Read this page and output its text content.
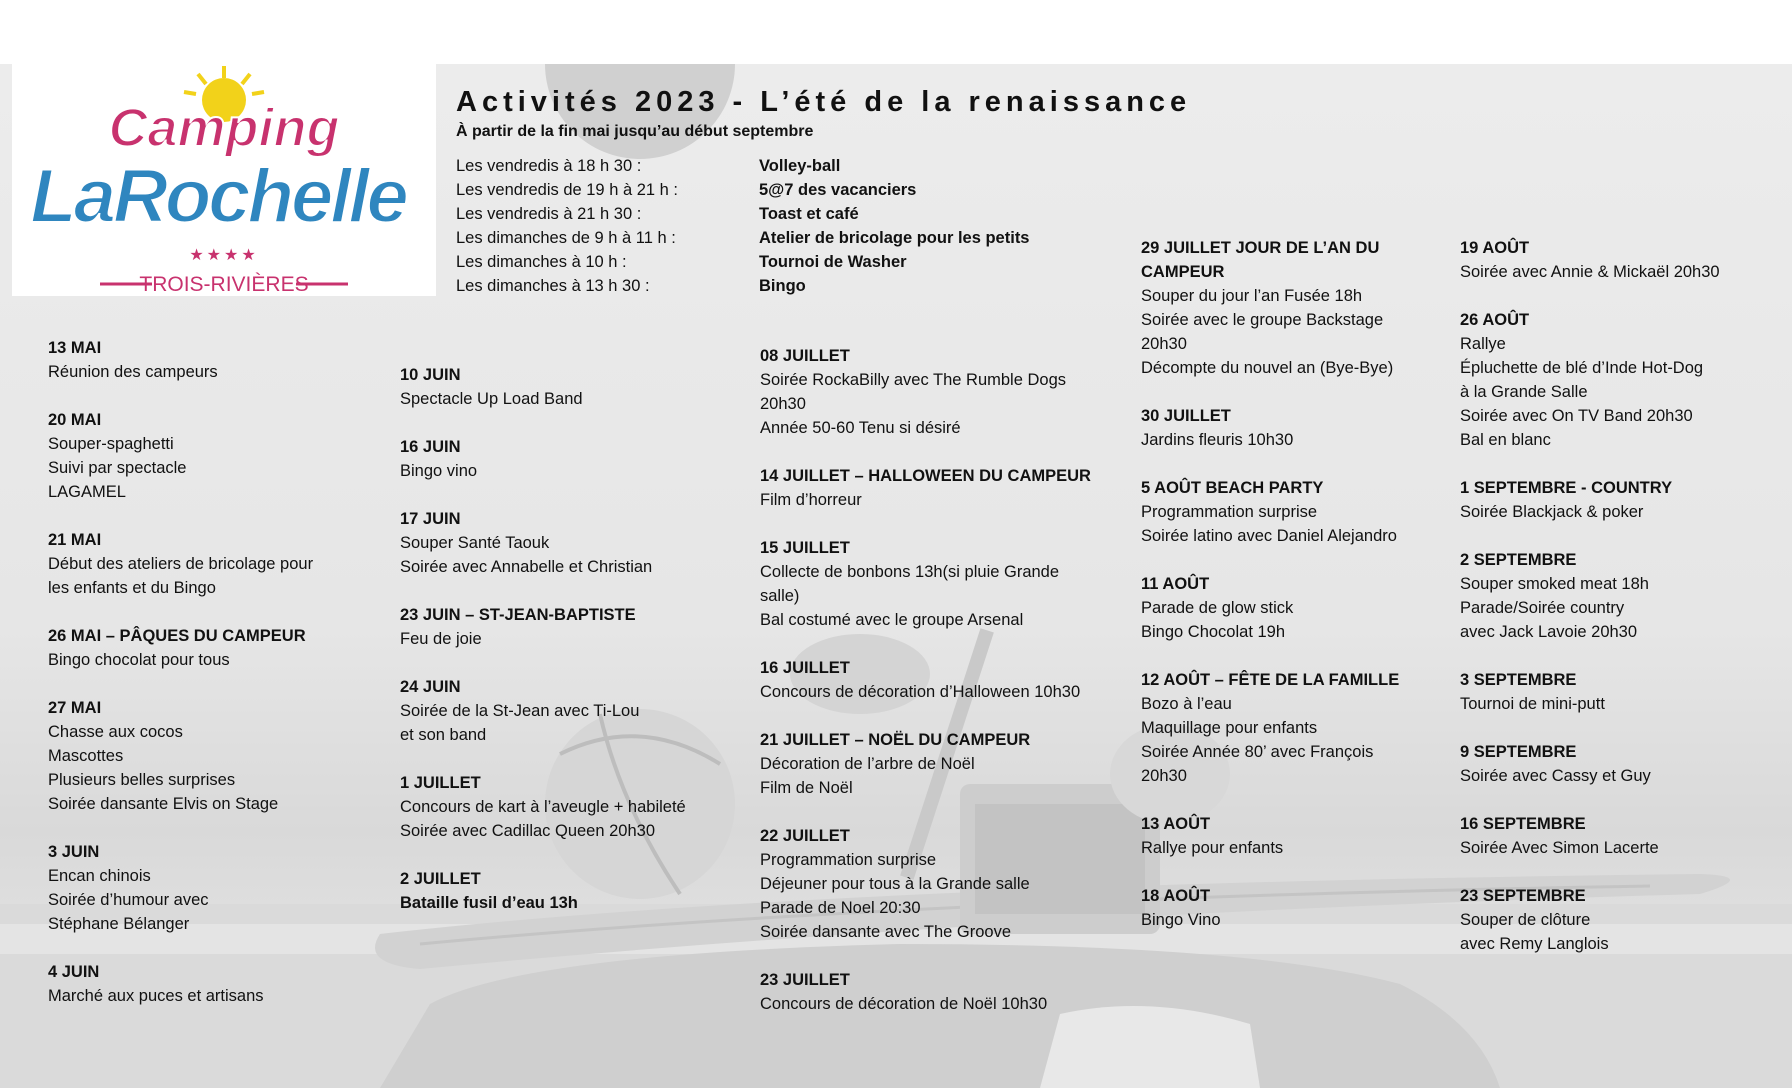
Camping
LaRochelle
★★★★
TROIS-RIVIÈRES
Activités 2023 - L’été de la renaissance
À partir de la fin mai jusqu’au début septembre
Les vendredis à 18 h 30 :	Volley-ball
Les vendredis de 19 h à 21 h :	5@7 des vacanciers
Les vendredis à 21 h 30 :	Toast et café
Les dimanches de 9 h à 11 h :	Atelier de bricolage pour les petits
Les dimanches à 10 h :	Tournoi de Washer
Les dimanches à 13 h 30 :	Bingo
13 MAI
Réunion des campeurs
20 MAI
Souper-spaghetti
Suivi par spectacle
LAGAMEL
21 MAI
Début des ateliers de bricolage pour
les enfants et du Bingo
26 MAI – PÂQUES DU CAMPEUR
Bingo chocolat pour tous
27 MAI
Chasse aux cocos
Mascottes
Plusieurs belles surprises
Soirée dansante Elvis on Stage
3 JUIN
Encan chinois
Soirée d’humour avec
Stéphane Bélanger
4 JUIN
Marché aux puces et artisans
10 JUIN
Spectacle Up Load Band
16 JUIN
Bingo vino
17 JUIN
Souper Santé Taouk
Soirée avec Annabelle et Christian
23 JUIN – ST-JEAN-BAPTISTE
Feu de joie
24 JUIN
Soirée de la St-Jean avec Ti-Lou
et son band
1 JUILLET
Concours de kart à l’aveugle + habileté
Soirée avec Cadillac Queen 20h30
2 JUILLET
Bataille fusil d’eau 13h
08 JUILLET
Soirée RockaBilly avec The Rumble Dogs
20h30
Année 50-60 Tenu si désiré
14 JUILLET – HALLOWEEN DU CAMPEUR
Film d’horreur
15 JUILLET
Collecte de bonbons 13h(si pluie Grande
salle)
Bal costumé avec le groupe Arsenal
16 JUILLET
Concours de décoration d’Halloween 10h30
21 JUILLET – NOËL DU CAMPEUR
Décoration de l’arbre de Noël
Film de Noël
22 JUILLET
Programmation surprise
Déjeuner pour tous à la Grande salle
Parade de Noel 20:30
Soirée dansante avec The Groove
23 JUILLET
Concours de décoration de Noël 10h30
29 JUILLET JOUR DE L’AN DU
CAMPEUR
Souper du jour l’an Fusée 18h
Soirée avec le groupe Backstage
20h30
Décompte du nouvel an (Bye-Bye)
30 JUILLET
Jardins fleuris 10h30
5 AOÛT BEACH PARTY
Programmation surprise
Soirée latino avec Daniel Alejandro
11 AOÛT
Parade de glow stick
Bingo Chocolat 19h
12 AOÛT – FÊTE DE LA FAMILLE
Bozo à l’eau
Maquillage pour enfants
Soirée Année 80’ avec François
20h30
13 AOÛT
Rallye pour enfants
18 AOÛT
Bingo Vino
19 AOÛT
Soirée avec Annie & Mickaël 20h30
26 AOÛT
Rallye
Épluchette de blé d’Inde Hot-Dog
à la Grande Salle
Soirée avec On TV Band 20h30
Bal en blanc
1 SEPTEMBRE - COUNTRY
Soirée Blackjack & poker
2 SEPTEMBRE
Souper smoked meat 18h
Parade/Soirée country
avec Jack Lavoie 20h30
3 SEPTEMBRE
Tournoi de mini-putt
9 SEPTEMBRE
Soirée avec Cassy et Guy
16 SEPTEMBRE
Soirée Avec Simon Lacerte
23 SEPTEMBRE
Souper de clôture
avec Remy Langlois
